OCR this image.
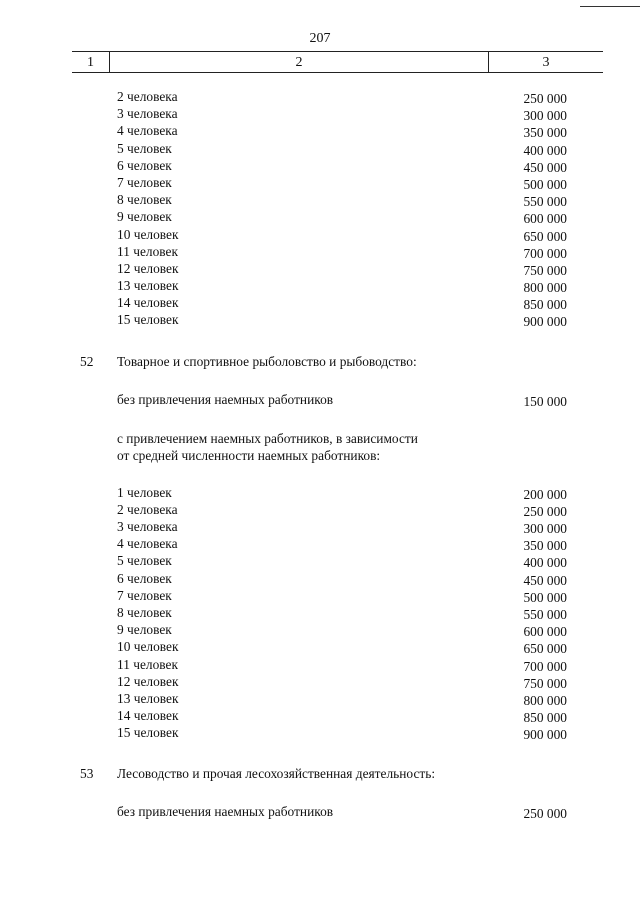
207
1	2	3
2 человека	250 000
3 человека	300 000
4 человека	350 000
5 человек	400 000
6 человек	450 000
7 человек	500 000
8 человек	550 000
9 человек	600 000
10 человек	650 000
11 человек	700 000
12 человек	750 000
13 человек	800 000
14 человек	850 000
15 человек	900 000
52 Товарное и спортивное рыболовство и рыбоводство:
без привлечения наемных работников	150 000
с привлечением наемных работников, в зависимости
от средней численности наемных работников:
1 человек	200 000
2 человека	250 000
3 человека	300 000
4 человека	350 000
5 человек	400 000
6 человек	450 000
7 человек	500 000
8 человек	550 000
9 человек	600 000
10 человек	650 000
11 человек	700 000
12 человек	750 000
13 человек	800 000
14 человек	850 000
15 человек	900 000
53 Лесоводство и прочая лесохозяйственная деятельность:
без привлечения наемных работников	250 000
